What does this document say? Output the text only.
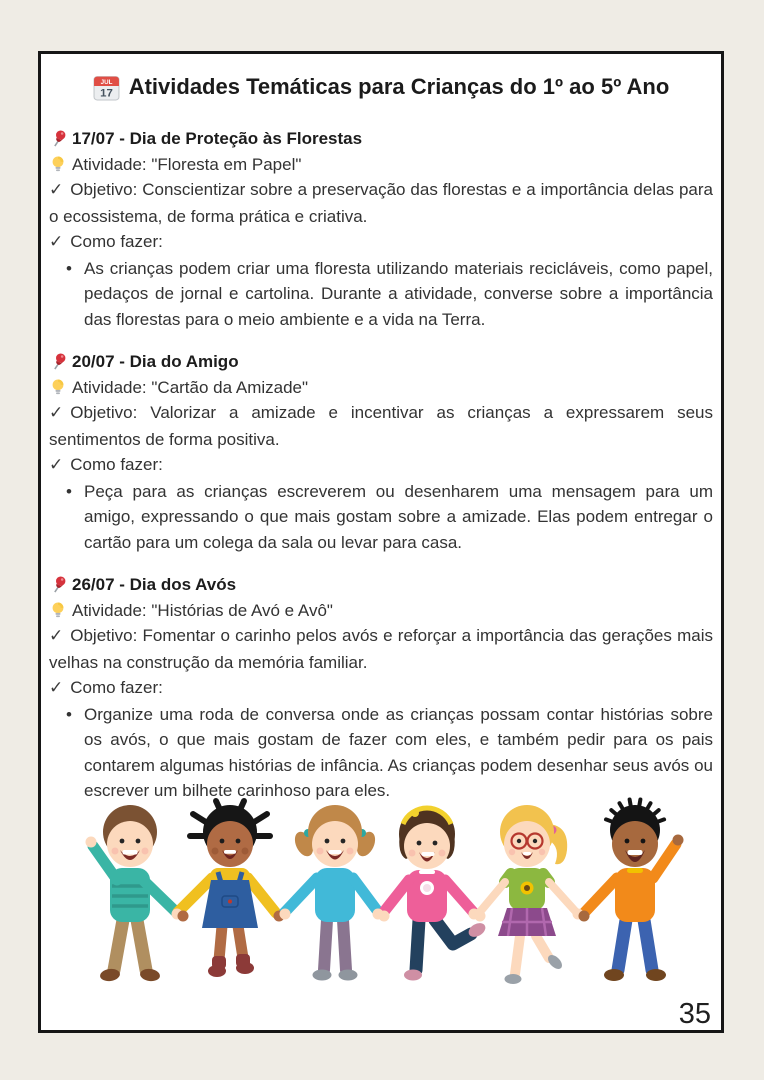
JUL
17 Atividades Temáticas para Crianças do 1º ao 5º Ano

17/07 - Dia de Proteção às Florestas

Atividade: "Floresta em Papel"

✓ Objetivo: Conscientizar sobre a preservação das florestas e a importância delas para o ecossistema, de forma prática e criativa.

✓ Como fazer:

• As crianças podem criar uma floresta utilizando materiais recicláveis, como papel, pedaços de jornal e cartolina. Durante a atividade, converse sobre a importância das florestas para o meio ambiente e a vida na Terra.

20/07 - Dia do Amigo

Atividade: "Cartão da Amizade"

✓ Objetivo: Valorizar a amizade e incentivar as crianças a expressarem seus sentimentos de forma positiva.

✓ Como fazer:

• Peça para as crianças escreverem ou desenharem uma mensagem para um amigo, expressando o que mais gostam sobre a amizade. Elas podem entregar o cartão para um colega da sala ou levar para casa.

26/07 - Dia dos Avós

Atividade: "Histórias de Avó e Avô"

✓ Objetivo: Fomentar o carinho pelos avós e reforçar a importância das gerações mais velhas na construção da memória familiar.

✓ Como fazer:

• Organize uma roda de conversa onde as crianças possam contar histórias sobre os avós, o que mais gostam de fazer com eles, e também pedir para os pais contarem algumas histórias de infância. As crianças podem desenhar seus avós ou escrever um bilhete carinhoso para eles.

35
